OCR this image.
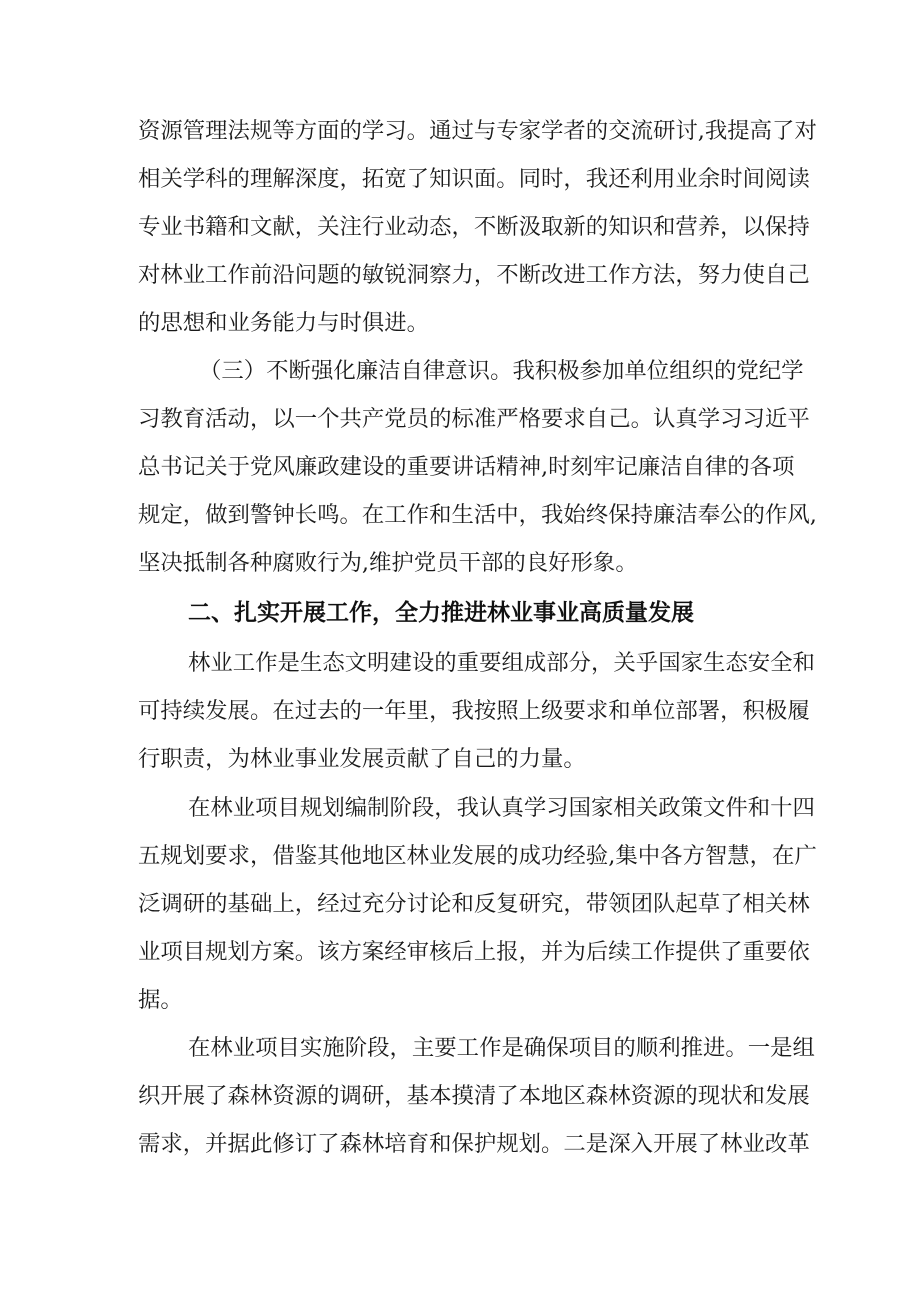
资源管理法规等方面的学习。通过与专家学者的交流研讨,我提高了对
相关学科的理解深度，拓宽了知识面。同时，我还利用业余时间阅读
专业书籍和文献，关注行业动态，不断汲取新的知识和营养，以保持
对林业工作前沿问题的敏锐洞察力，不断改进工作方法，努力使自己
的思想和业务能力与时俱进。
（三）不断强化廉洁自律意识。我积极参加单位组织的党纪学
习教育活动，以一个共产党员的标准严格要求自己。认真学习习近平
总书记关于党风廉政建设的重要讲话精神,时刻牢记廉洁自律的各项
规定，做到警钟长鸣。在工作和生活中，我始终保持廉洁奉公的作风,
坚决抵制各种腐败行为,维护党员干部的良好形象。
二、扎实开展工作，全力推进林业事业高质量发展
林业工作是生态文明建设的重要组成部分，关乎国家生态安全和
可持续发展。在过去的一年里，我按照上级要求和单位部署，积极履
行职责，为林业事业发展贡献了自己的力量。
在林业项目规划编制阶段，我认真学习国家相关政策文件和十四
五规划要求，借鉴其他地区林业发展的成功经验,集中各方智慧，在广
泛调研的基础上，经过充分讨论和反复研究，带领团队起草了相关林
业项目规划方案。该方案经审核后上报，并为后续工作提供了重要依
据。
在林业项目实施阶段，主要工作是确保项目的顺利推进。一是组
织开展了森林资源的调研，基本摸清了本地区森林资源的现状和发展
需求，并据此修订了森林培育和保护规划。二是深入开展了林业改革
